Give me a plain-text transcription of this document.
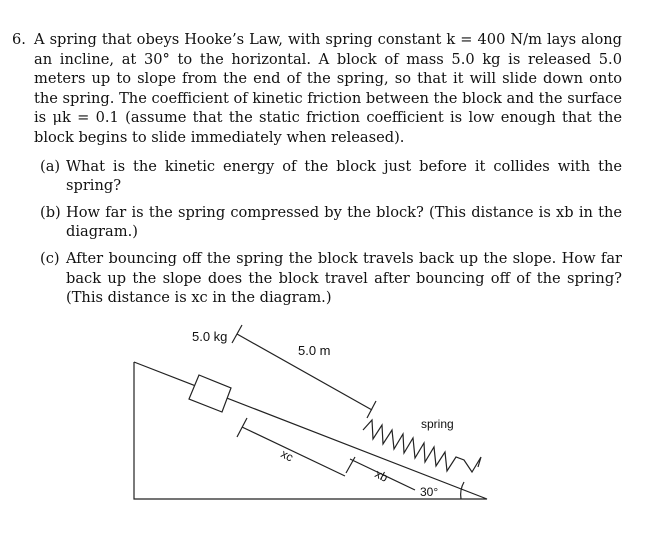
6. A spring that obeys Hooke’s Law, with spring constant k = 400 N/m lays along an incline, at 30° to the horizontal. A block of mass 5.0 kg is released 5.0 meters up to slope from the end of the spring, so that it will slide down onto the spring. The coefficient of kinetic friction between the block and the surface is μk = 0.1 (assume that the static friction coefficient is low enough that the block begins to slide immediately when released).
(a) What is the kinetic energy of the block just before it collides with the spring?
(b) How far is the spring compressed by the block? (This distance is xb in the diagram.)
(c) After bouncing off the spring the block travels back up the slope. How far back up the slope does the block travel after bouncing off of the spring? (This distance is xc in the diagram.)
5.0 kg
5.0 m
spring
xc
xb
30°
